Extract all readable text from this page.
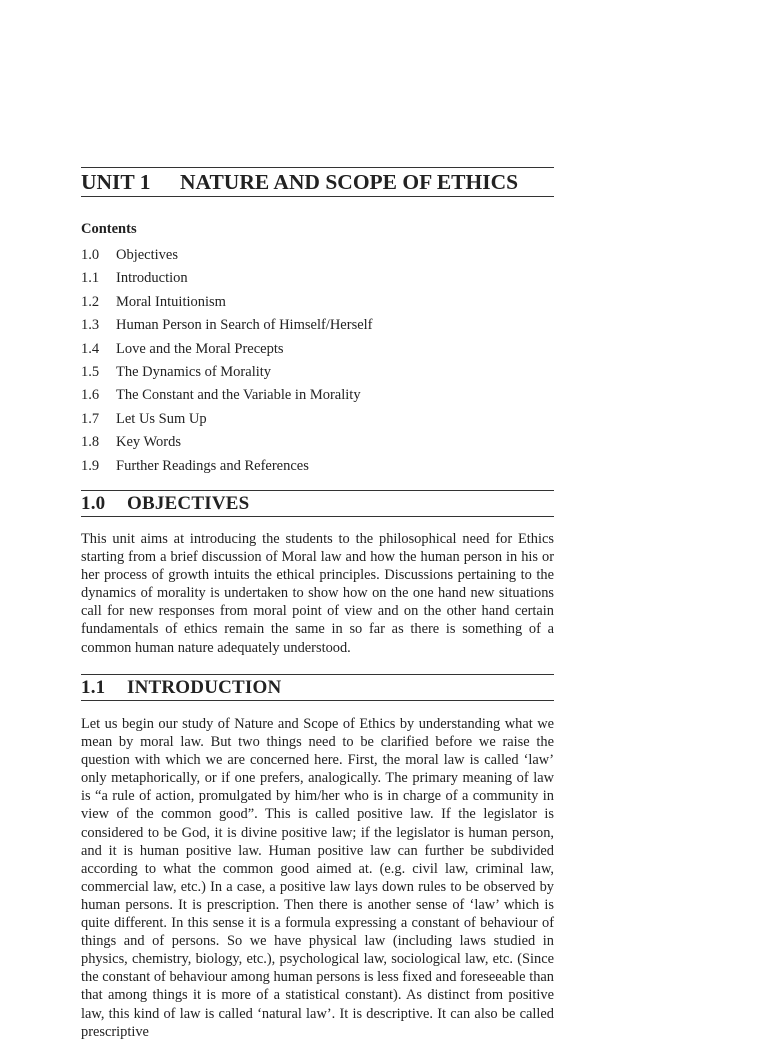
UNIT 1 NATURE AND SCOPE OF ETHICS
Contents
1.0 Objectives
1.1 Introduction
1.2 Moral Intuitionism
1.3 Human Person in Search of Himself/Herself
1.4 Love and the Moral Precepts
1.5 The Dynamics of Morality
1.6 The Constant and the Variable in Morality
1.7 Let Us Sum Up
1.8 Key Words
1.9 Further Readings and References
1.0 OBJECTIVES

This unit aims at introducing the students to the philosophical need for Ethics starting from a brief discussion of Moral law and how the human person in his or her process of growth intuits the ethical principles. Discussions pertaining to the dynamics of morality is undertaken to show how on the one hand new situations call for new responses from moral point of view and on the other hand certain fundamentals of ethics remain the same in so far as there is something of a common human nature adequately understood.

1.1 INTRODUCTION

Let us begin our study of Nature and Scope of Ethics by understanding what we mean by moral law. But two things need to be clarified before we raise the question with which we are concerned here. First, the moral law is called ‘law’ only metaphorically, or if one prefers, analogically. The primary meaning of law is “a rule of action, promulgated by him/her who is in charge of a community in view of the common good”. This is called positive law. If the legislator is considered to be God, it is divine positive law; if the legislator is human person, and it is human positive law. Human positive law can further be subdivided according to what the common good aimed at. (e.g. civil law, criminal law, commercial law, etc.) In a case, a positive law lays down rules to be observed by human persons. It is prescription. Then there is another sense of ‘law’ which is quite different. In this sense it is a formula expressing a constant of behaviour of things and of persons. So we have physical law (including laws studied in physics, chemistry, biology, etc.), psychological law, sociological law, etc. (Since the constant of behaviour among human persons is less fixed and foreseeable than that among things it is more of a statistical constant). As distinct from positive law, this kind of law is called ‘natural law’. It is descriptive. It can also be called prescriptive
